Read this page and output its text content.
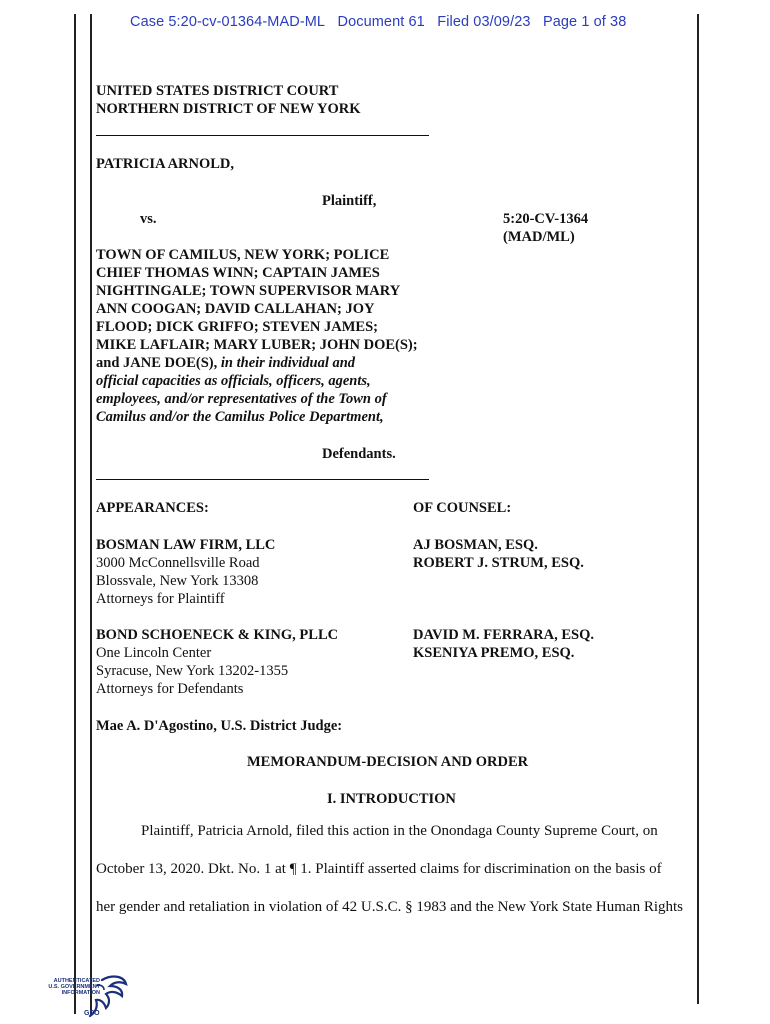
Case 5:20-cv-01364-MAD-ML Document 61 Filed 03/09/23 Page 1 of 38
UNITED STATES DISTRICT COURT
NORTHERN DISTRICT OF NEW YORK
PATRICIA ARNOLD,
Plaintiff,
vs.	5:20-CV-1364
(MAD/ML)
TOWN OF CAMILUS, NEW YORK; POLICE
CHIEF THOMAS WINN; CAPTAIN JAMES
NIGHTINGALE; TOWN SUPERVISOR MARY
ANN COOGAN; DAVID CALLAHAN; JOY
FLOOD; DICK GRIFFO; STEVEN JAMES;
MIKE LAFLAIR; MARY LUBER; JOHN DOE(S);
and JANE DOE(S), in their individual and
official capacities as officials, officers, agents,
employees, and/or representatives of the Town of
Camilus and/or the Camilus Police Department,
Defendants.
APPEARANCES:	OF COUNSEL:
BOSMAN LAW FIRM, LLC
3000 McConnellsville Road
Blossvale, New York 13308
Attorneys for Plaintiff
AJ BOSMAN, ESQ.
ROBERT J. STRUM, ESQ.
BOND SCHOENECK & KING, PLLC
One Lincoln Center
Syracuse, New York 13202-1355
Attorneys for Defendants
DAVID M. FERRARA, ESQ.
KSENIYA PREMO, ESQ.
Mae A. D'Agostino, U.S. District Judge:
MEMORANDUM-DECISION AND ORDER
I. INTRODUCTION
Plaintiff, Patricia Arnold, filed this action in the Onondaga County Supreme Court, on
October 13, 2020. Dkt. No. 1 at ¶ 1. Plaintiff asserted claims for discrimination on the basis of
her gender and retaliation in violation of 42 U.S.C. § 1983 and the New York State Human Rights
AUTHENTICATED
U.S. GOVERNMENT
INFORMATION
GPO
